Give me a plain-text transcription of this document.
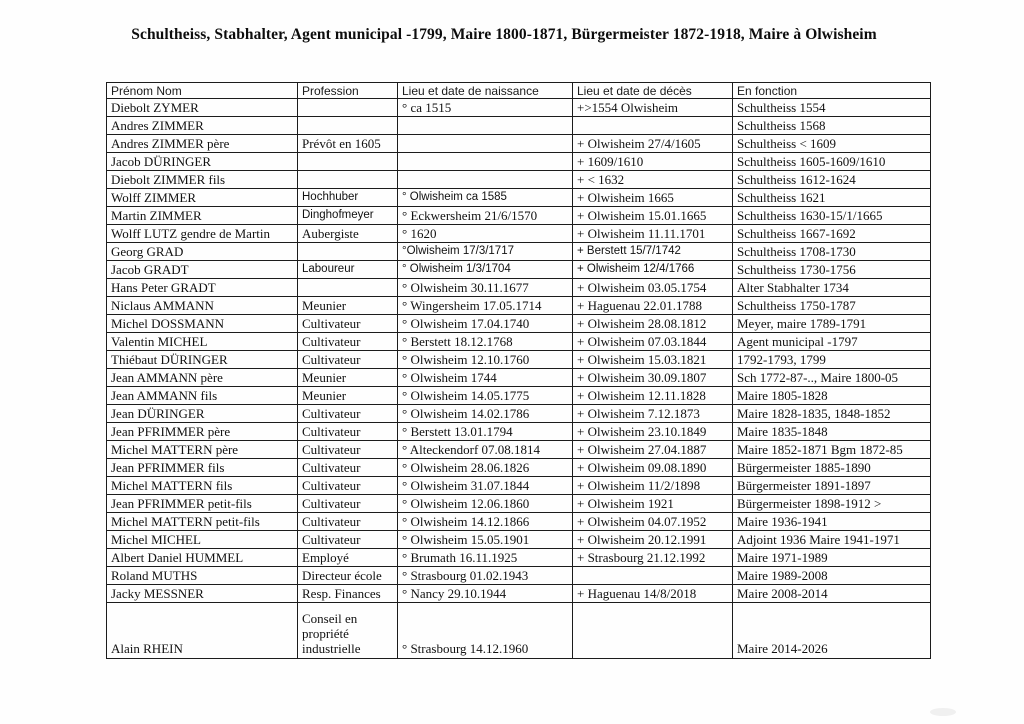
Schultheiss, Stabhalter, Agent municipal -1799, Maire 1800-1871, Bürgermeister 1872-1918, Maire à Olwisheim
Prénom Nom	Profession	Lieu et date de naissance	Lieu et date de décès	En fonction
Diebolt ZYMER		° ca 1515	+>1554 Olwisheim	Schultheiss 1554
Andres ZIMMER				Schultheiss 1568
Andres ZIMMER père	Prévôt en 1605		+ Olwisheim 27/4/1605	Schultheiss < 1609
Jacob DÜRINGER			+ 1609/1610	Schultheiss 1605-1609/1610
Diebolt ZIMMER fils			+ < 1632	Schultheiss 1612-1624
Wolff ZIMMER	Hochhuber	° Olwisheim ca 1585	+ Olwisheim 1665	Schultheiss 1621
Martin ZIMMER	Dinghofmeyer	° Eckwersheim 21/6/1570	+ Olwisheim 15.01.1665	Schultheiss 1630-15/1/1665
Wolff LUTZ gendre de Martin	Aubergiste	° 1620	+ Olwisheim 11.11.1701	Schultheiss 1667-1692
Georg GRAD		°Olwisheim 17/3/1717	+ Berstett 15/7/1742	Schultheiss 1708-1730
Jacob GRADT	Laboureur	° Olwisheim 1/3/1704	+ Olwisheim 12/4/1766	Schultheiss 1730-1756
Hans Peter GRADT		° Olwisheim 30.11.1677	+ Olwisheim 03.05.1754	Alter Stabhalter 1734
Niclaus AMMANN	Meunier	° Wingersheim 17.05.1714	+ Haguenau 22.01.1788	Schultheiss 1750-1787
Michel DOSSMANN	Cultivateur	° Olwisheim 17.04.1740	+ Olwisheim 28.08.1812	Meyer, maire 1789-1791
Valentin MICHEL	Cultivateur	° Berstett 18.12.1768	+ Olwisheim 07.03.1844	Agent municipal -1797
Thiébaut DÜRINGER	Cultivateur	° Olwisheim 12.10.1760	+ Olwisheim 15.03.1821	1792-1793, 1799
Jean AMMANN père	Meunier	° Olwisheim 1744	+ Olwisheim 30.09.1807	Sch 1772-87-.., Maire 1800-05
Jean AMMANN fils	Meunier	° Olwisheim 14.05.1775	+ Olwisheim 12.11.1828	Maire 1805-1828
Jean DÜRINGER	Cultivateur	° Olwisheim 14.02.1786	+ Olwisheim 7.12.1873	Maire 1828-1835, 1848-1852
Jean PFRIMMER père	Cultivateur	° Berstett 13.01.1794	+ Olwisheim 23.10.1849	Maire 1835-1848
Michel MATTERN père	Cultivateur	° Alteckendorf 07.08.1814	+ Olwisheim 27.04.1887	Maire 1852-1871 Bgm 1872-85
Jean PFRIMMER fils	Cultivateur	° Olwisheim 28.06.1826	+ Olwisheim 09.08.1890	Bürgermeister 1885-1890
Michel MATTERN fils	Cultivateur	° Olwisheim 31.07.1844	+ Olwisheim 11/2/1898	Bürgermeister 1891-1897
Jean PFRIMMER petit-fils	Cultivateur	° Olwisheim 12.06.1860	+ Olwisheim 1921	Bürgermeister 1898-1912 >
Michel MATTERN petit-fils	Cultivateur	° Olwisheim 14.12.1866	+ Olwisheim 04.07.1952	Maire 1936-1941
Michel MICHEL	Cultivateur	° Olwisheim 15.05.1901	+ Olwisheim 20.12.1991	Adjoint 1936 Maire 1941-1971
Albert Daniel HUMMEL	Employé	° Brumath 16.11.1925	+ Strasbourg 21.12.1992	Maire 1971-1989
Roland MUTHS	Directeur école	° Strasbourg 01.02.1943		Maire 1989-2008
Jacky MESSNER	Resp. Finances	° Nancy 29.10.1944	+ Haguenau 14/8/2018	Maire 2008-2014
Alain RHEIN	Conseil en propriété industrielle	° Strasbourg 14.12.1960		Maire 2014-2026
